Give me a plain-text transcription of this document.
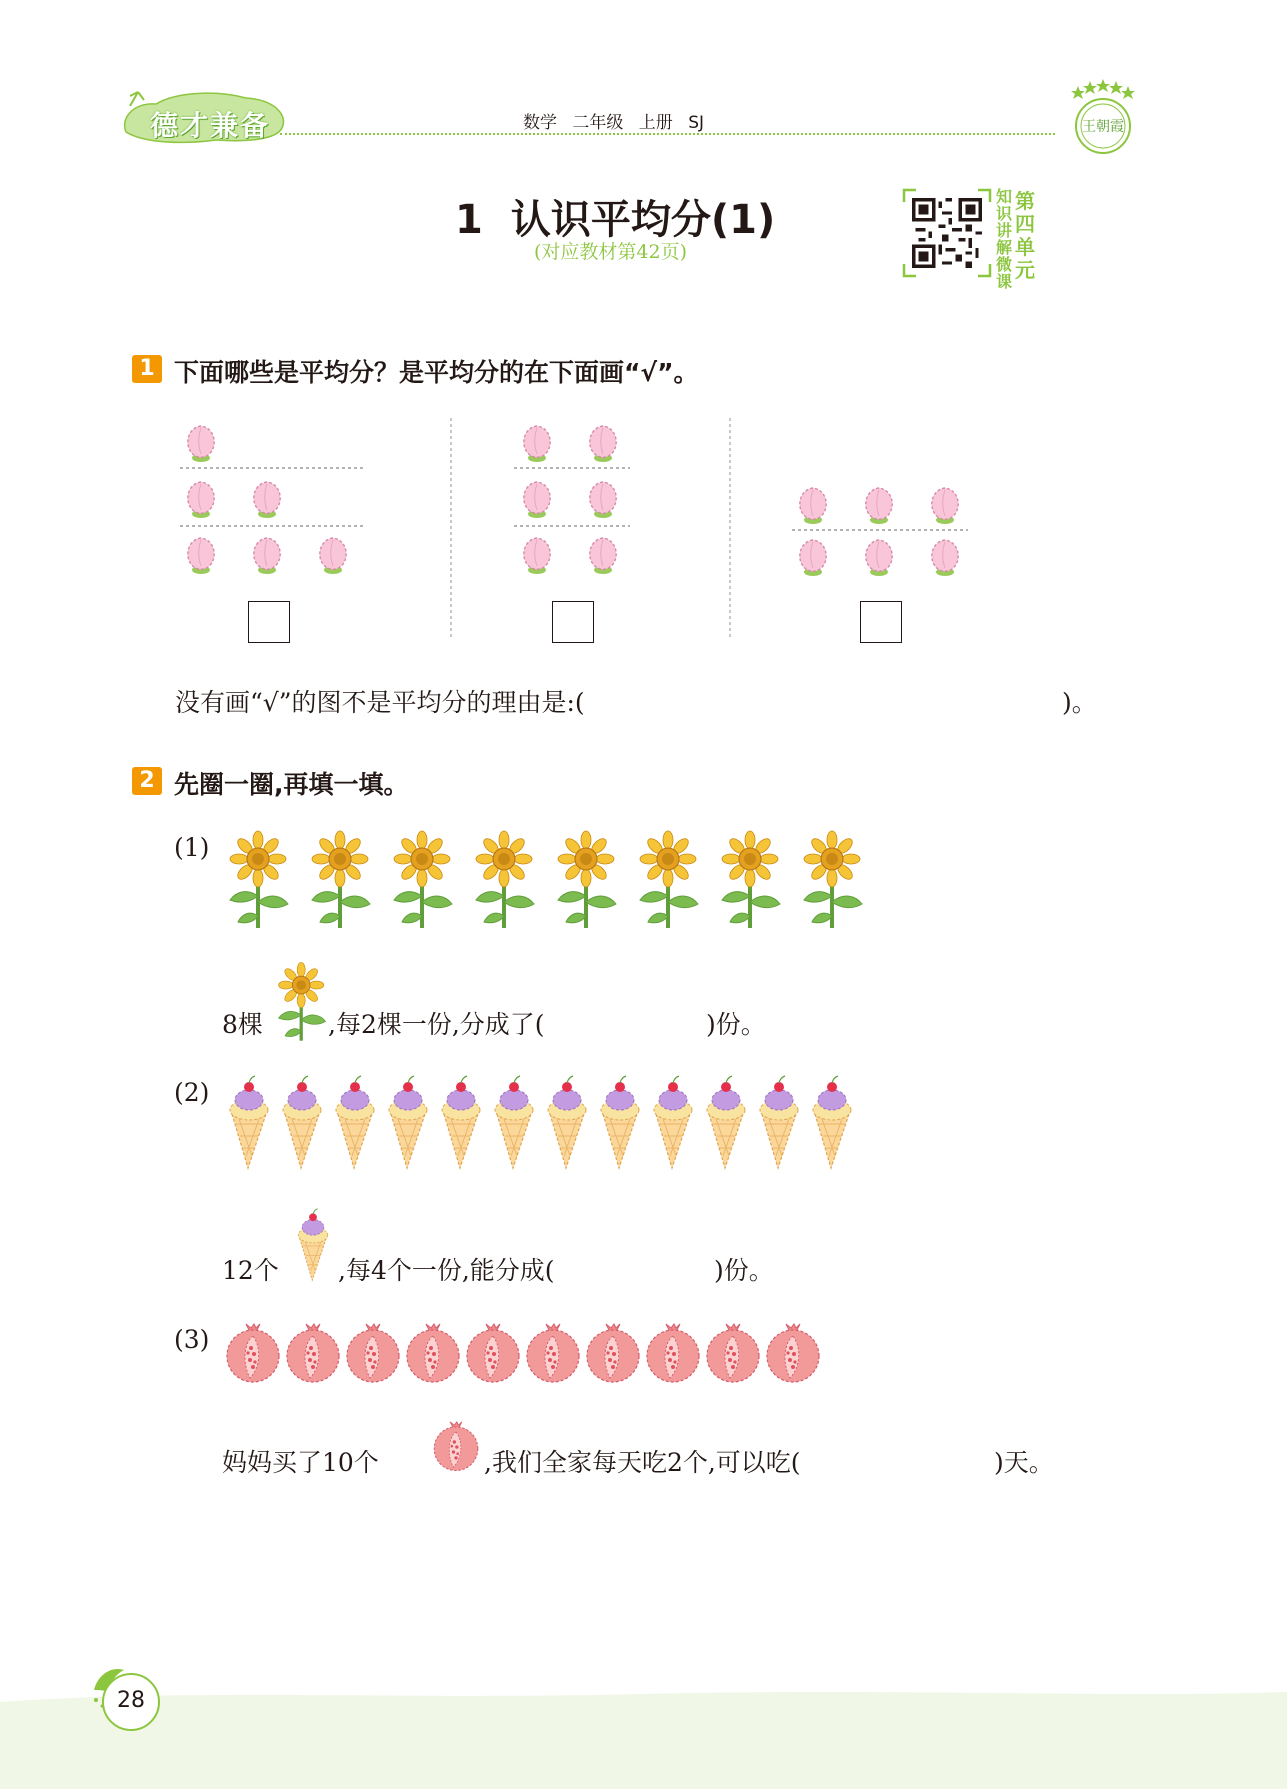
德才兼备	数学 二年级 上册 SJ	王朝霞
1 认识平均分(1)
(对应教材第42页)
知识讲解微课
第四单元
1 下面哪些是平均分？是平均分的在下面画“√”。
没有画“√”的图不是平均分的理由是:(	)。
2 先圈一圈,再填一填。
(1)
8棵	,每2棵一份,分成了(	)份。
(2)
12个 ,每4个一份,能分成(	)份。
(3)
妈妈买了10个	,我们全家每天吃2个,可以吃(	)天。
28
